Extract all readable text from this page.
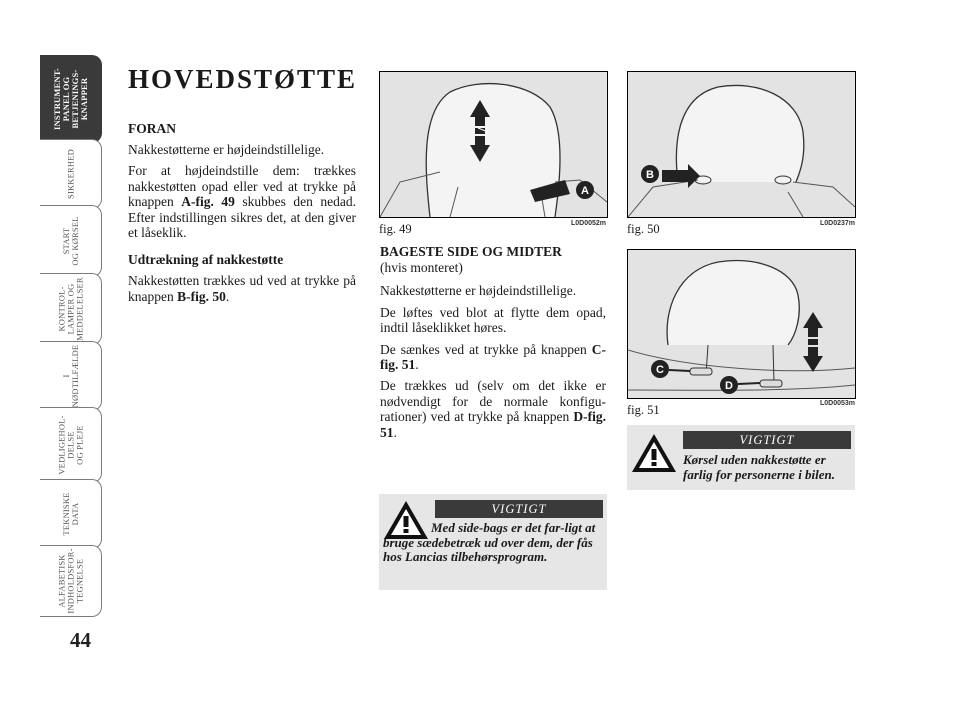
INSTRUMENT-
PANEL OG
BETJENINGS-
KNAPPER
SIKKERHED
START
OG KØRSEL
KONTROL-
LAMPER OG
MEDDELELSER
I
NØDTILFÆLDE
VEDLIGEHOL-
DELSE
OG PLEJE
TEKNISKE
DATA
ALFABETISK
INDHOLDSFOR-
TEGNELSE
44
HOVEDSTØTTE

FORAN

Nakkestøtterne er højdeindstillelige.

For at højdeindstille dem: trækkes nakkestøtten opad eller ved at trykke på knappen A-fig. 49 skubbes den nedad. Efter indstillingen sikres det, at den giver et låseklik.

Udtrækning af nakkestøtte

Nakkestøtten trækkes ud ved at trykke på knappen B-fig. 50.

A
fig. 49	L0D0052m
B
fig. 50	L0D0237m
C
D
fig. 51	L0D0053m

BAGESTE SIDE OG MIDTER

(hvis monteret)

Nakkestøtterne er højdeindstillelige.

De løftes ved blot at flytte dem opad, indtil låseklikket høres.

De sænkes ved at trykke på knappen C-fig. 51.

De trækkes ud (selv om det ikke er nødvendigt for de normale konfigu-rationer) ved at trykke på knappen D-fig. 51.

VIGTIGT
Med side-bags er det far-ligt at bruge sædebetræk ud over dem, der fås hos Lancias tilbehørsprogram.
VIGTIGT
Kørsel uden nakkestøtte er farlig for personerne i bilen.
